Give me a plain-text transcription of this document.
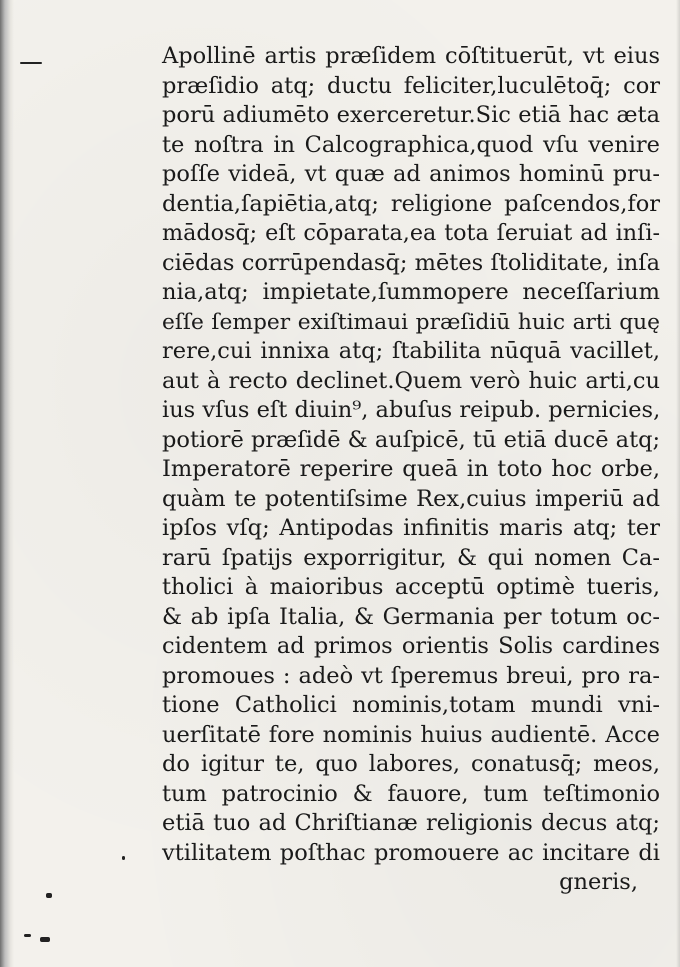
Apollinē artis præſidem cōſtituerūt, vt eius
præſidio atq; ductu feliciter,luculētoq̄; cor
porū adiumēto exerceretur.Sic etiā hac æta
te noſtra in Calcographica,quod vſu venire
poſſe videā, vt quæ ad animos hominū pru-
dentia,ſapiētia,atq; religione paſcendos,for
mādosq̄; eſt cōparata,ea tota ſeruiat ad inſi-
ciēdas corrūpendasq̄; mētes ſtoliditate, inſa
nia,atq; impietate,ſummopere neceſſarium
eſſe ſemper exiſtimaui præſidiū huic arti quę
rere,cui innixa atq; ſtabilita nūquā vacillet,
aut à recto declinet.Quem verò huic arti,cu
ius vſus eſt diuin⁹, abuſus reipub. pernicies,
potiorē præſidē & auſpicē, tū etiā ducē atq;
Imperatorē reperire queā in toto hoc orbe,
quàm te potentiſsime Rex,cuius imperiū ad
ipſos vſq; Antipodas infinitis maris atq; ter
rarū ſpatijs exporrigitur, & qui nomen Ca-
tholici à maioribus acceptū optimè tueris,
& ab ipſa Italia, & Germania per totum oc-
cidentem ad primos orientis Solis cardines
promoues : adeò vt ſperemus breui, pro ra-
tione Catholici nominis,totam mundi vni-
uerſitatē fore nominis huius audientē. Acce
do igitur te, quo labores, conatusq̄; meos,
tum patrocinio & fauore, tum teſtimonio
etiā tuo ad Chriſtianæ religionis decus atq;
vtilitatem poſthac promouere ac incitare di
gneris,
